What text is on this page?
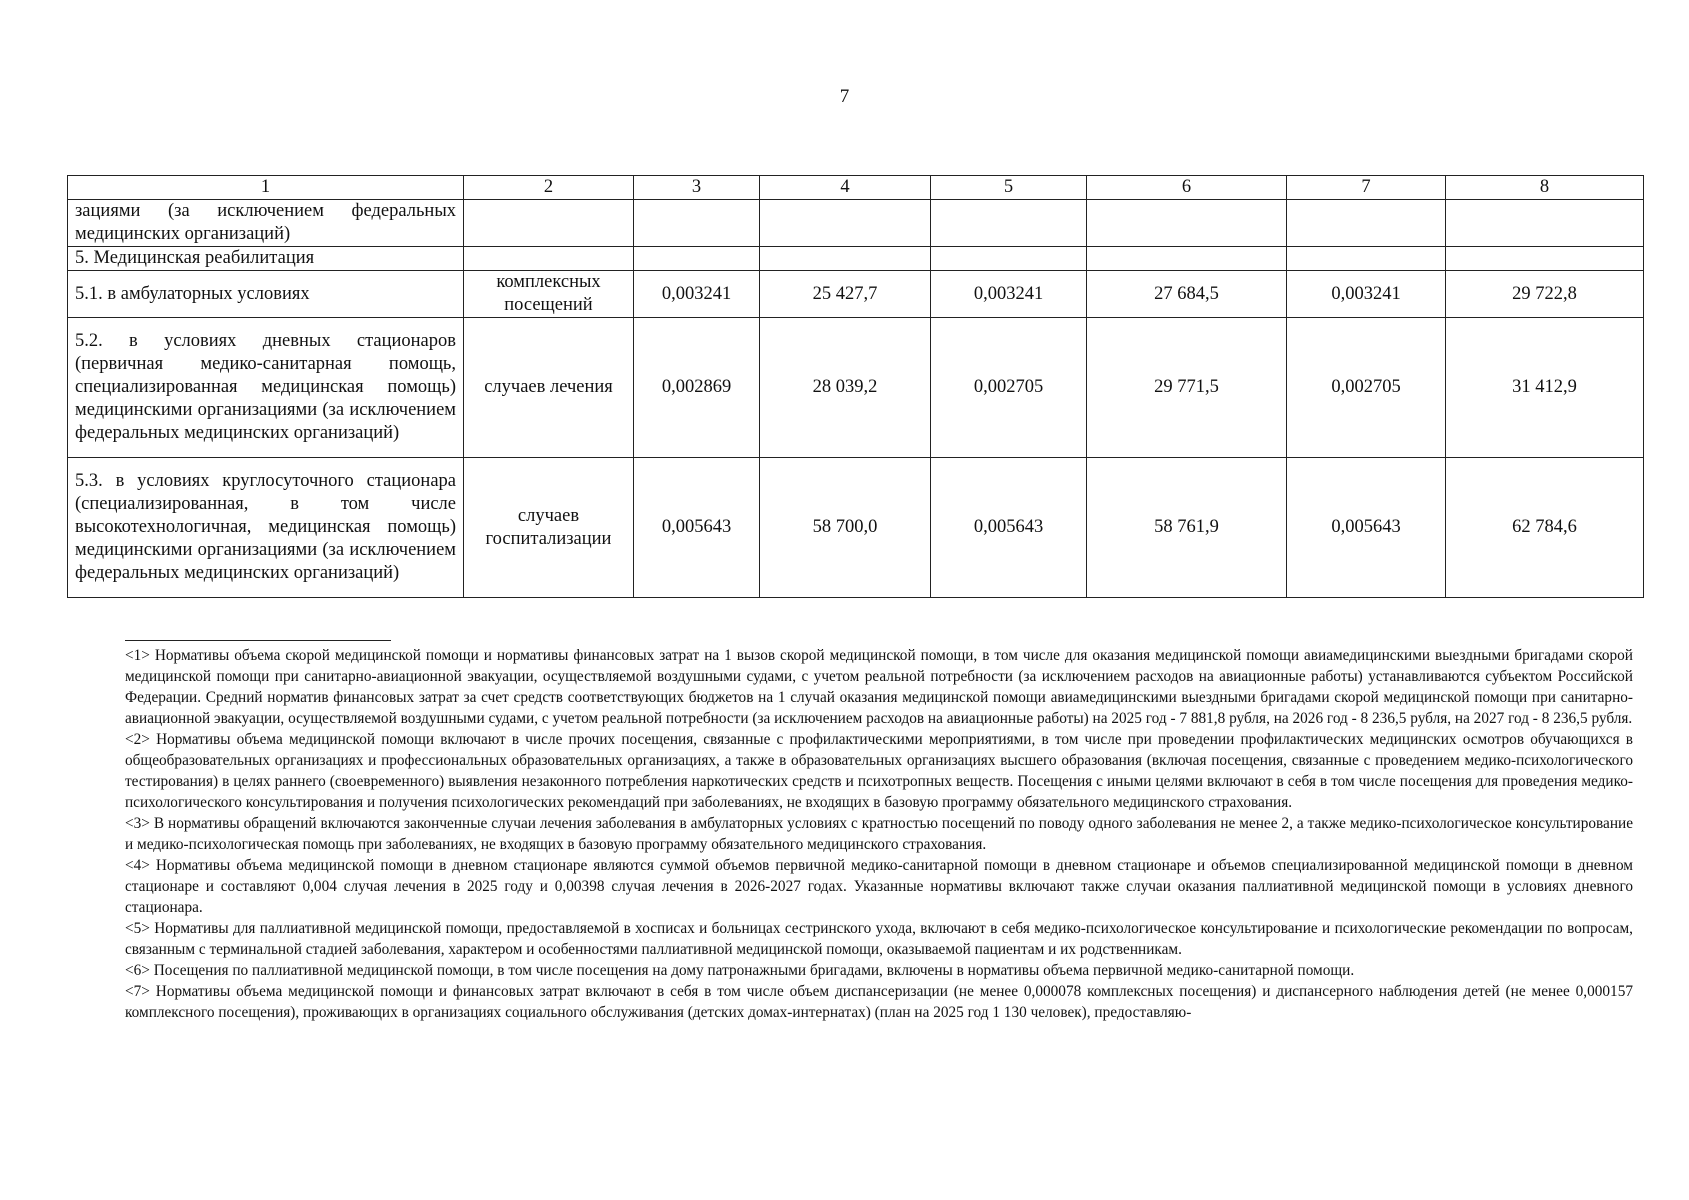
7
1	2	3	4	5	6	7	8
зациями (за исключением федеральных медицинских организаций)							
5. Медицинская реабилитация							
5.1. в амбулаторных условиях	комплексных посещений	0,003241	25 427,7	0,003241	27 684,5	0,003241	29 722,8
5.2. в условиях дневных стационаров (первичная медико-санитарная помощь, специализированная медицинская помощь) медицинскими организациями (за исключением федеральных медицинских организаций)	случаев лечения	0,002869	28 039,2	0,002705	29 771,5	0,002705	31 412,9
5.3. в условиях круглосуточного стационара (специализированная, в том числе высокотехнологичная, медицинская помощь) медицинскими организациями (за исключением федеральных медицинских организаций)	случаев госпитализации	0,005643	58 700,0	0,005643	58 761,9	0,005643	62 784,6

<1> Нормативы объема скорой медицинской помощи и нормативы финансовых затрат на 1 вызов скорой медицинской помощи, в том числе для оказания медицинской помощи авиамедицинскими выездными бригадами скорой медицинской помощи при санитарно-авиационной эвакуации, осуществляемой воздушными судами, с учетом реальной потребности (за исключением расходов на авиационные работы) устанавливаются субъектом Российской Федерации. Средний норматив финансовых затрат за счет средств соответствующих бюджетов на 1 случай оказания медицинской помощи авиамедицинскими выездными бригадами скорой медицинской помощи при санитарно-авиационной эвакуации, осуществляемой воздушными судами, с учетом реальной потребности (за исключением расходов на авиационные работы) на 2025 год - 7 881,8 рубля, на 2026 год - 8 236,5 рубля, на 2027 год - 8 236,5 рубля.

<2> Нормативы объема медицинской помощи включают в числе прочих посещения, связанные с профилактическими мероприятиями, в том числе при проведении профилактических медицинских осмотров обучающихся в общеобразовательных организациях и профессиональных образовательных организациях, а также в образовательных организациях высшего образования (включая посещения, связанные с проведением медико-психологического тестирования) в целях раннего (своевременного) выявления незаконного потребления наркотических средств и психотропных веществ. Посещения с иными целями включают в себя в том числе посещения для проведения медико-психологического консультирования и получения психологических рекомендаций при заболеваниях, не входящих в базовую программу обязательного медицинского страхования.

<3> В нормативы обращений включаются законченные случаи лечения заболевания в амбулаторных условиях с кратностью посещений по поводу одного заболевания не менее 2, а также медико-психологическое консультирование и медико-психологическая помощь при заболеваниях, не входящих в базовую программу обязательного медицинского страхования.

<4> Нормативы объема медицинской помощи в дневном стационаре являются суммой объемов первичной медико-санитарной помощи в дневном стационаре и объемов специализированной медицинской помощи в дневном стационаре и составляют 0,004 случая лечения в 2025 году и 0,00398 случая лечения в 2026-2027 годах. Указанные нормативы включают также случаи оказания паллиативной медицинской помощи в условиях дневного стационара.

<5> Нормативы для паллиативной медицинской помощи, предоставляемой в хосписах и больницах сестринского ухода, включают в себя медико-психологическое консультирование и психологические рекомендации по вопросам, связанным с терминальной стадией заболевания, характером и особенностями паллиативной медицинской помощи, оказываемой пациентам и их родственникам.

<6> Посещения по паллиативной медицинской помощи, в том числе посещения на дому патронажными бригадами, включены в нормативы объема первичной медико-санитарной помощи.

<7> Нормативы объема медицинской помощи и финансовых затрат включают в себя в том числе объем диспансеризации (не менее 0,000078 комплексных посещения) и диспансерного наблюдения детей (не менее 0,000157 комплексного посещения), проживающих в организациях социального обслуживания (детских домах-интернатах) (план на 2025 год 1 130 человек), предоставляю-
